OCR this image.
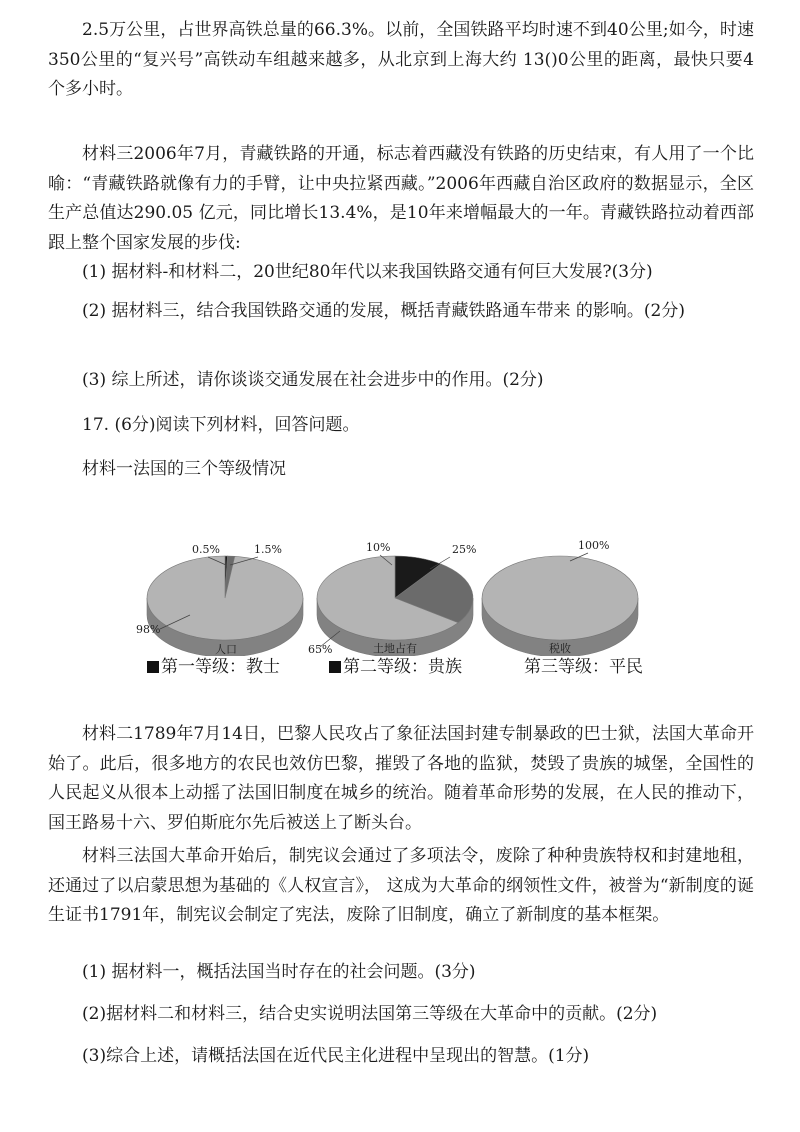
2.5万公里，占世界高铁总量的66.3%。以前，全国铁路平均时速不到40公里;如今，时速350公里的“复兴号”高铁动车组越来越多，从北京到上海大约 13()0公里的距离，最快只要4个多小时。

材料三2006年7月，青藏铁路的开通，标志着西藏没有铁路的历史结束，有人用了一个比喻：“青藏铁路就像有力的手臂，让中央拉紧西藏。”2006年西藏自治区政府的数据显示，全区生产总值达290.05 亿元，同比增长13.4%，是10年来增幅最大的一年。青藏铁路拉动着西部跟上整个国家发展的步伐:

(1) 据材料-和材料二，20世纪80年代以来我国铁路交通有何巨大发展?(3分)

(2) 据材料三，结合我国铁路交通的发展，概括青藏铁路通车带来 的影响。(2分)

(3) 综上所述，请你谈谈交通发展在社会进步中的作用。(2分)

17. (6分)阅读下列材料，回答问题。

材料一法国的三个等级情况

0.5%	1.5%
98%
人口
10%	25%
65%	土地占有
100%
税收
第一等级：教士	第二等级：贵族	第三等级：平民

材料二1789年7月14日，巴黎人民攻占了象征法国封建专制暴政的巴士狱，法国大革命开始了。此后，很多地方的农民也效仿巴黎，摧毁了各地的监狱，焚毁了贵族的城堡，全国性的人民起义从很本上动摇了法国旧制度在城乡的统治。随着革命形势的发展，在人民的推动下，国王路易十六、罗伯斯庇尔先后被送上了断头台。

材料三法国大革命开始后，制宪议会通过了多项法令，废除了种种贵族特权和封建地租，还通过了以启蒙思想为基础的《人权宣言》， 这成为大革命的纲领性文件，被誉为“新制度的诞生证书1791年，制宪议会制定了宪法，废除了旧制度，确立了新制度的基本框架。

(1) 据材料一，概括法国当时存在的社会问题。(3分)

(2)据材料二和材料三，结合史实说明法国第三等级在大革命中的贡献。(2分)

(3)综合上述，请概括法国在近代民主化进程中呈现出的智慧。(1分)
